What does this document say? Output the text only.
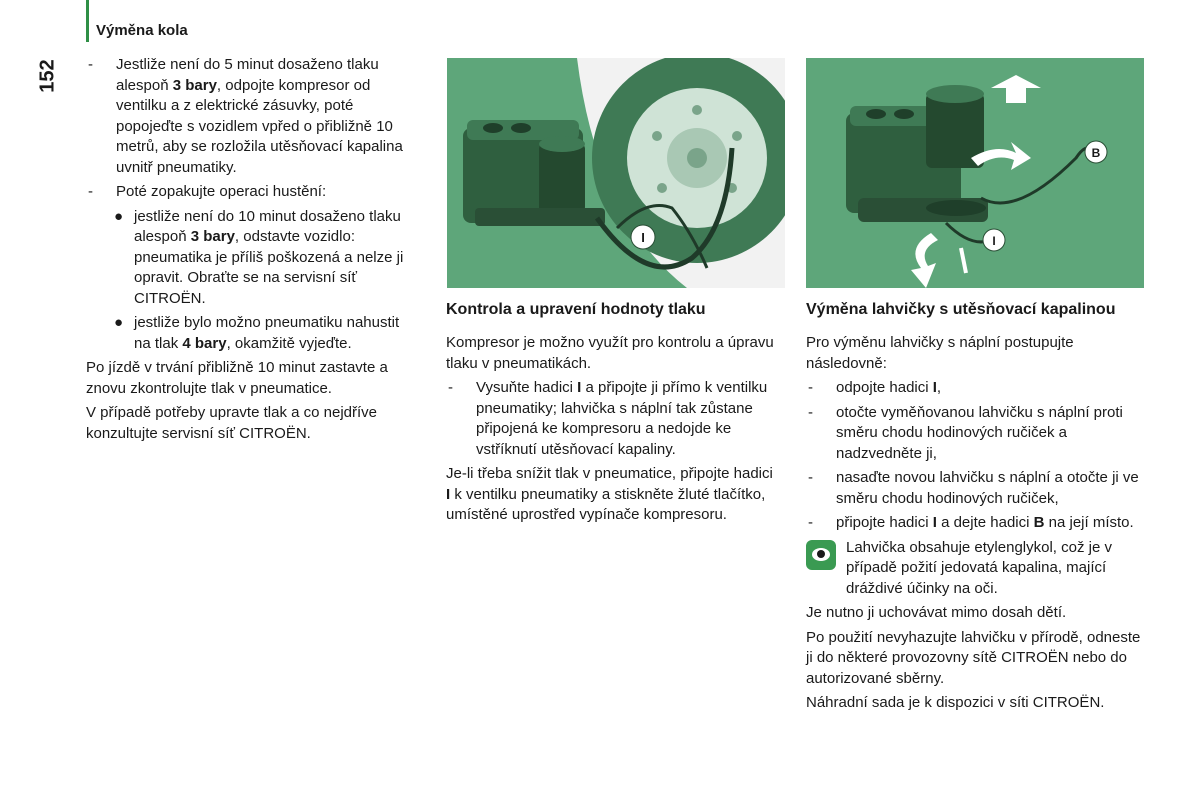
Výměna kola
152 - Jestliže není do 5 minut dosaženo tlaku alespoň 3 bary, odpojte kompresor od ventilku a z elektrické zásuvky, poté popojeďte s vozidlem vpřed o přibližně 10 metrů, aby se rozložila utěsňovací kapalina uvnitř pneumatiky.
- Poté zopakujte operaci hustění:
● jestliže není do 10 minut dosaženo tlaku alespoň 3 bary, odstavte vozidlo: pneumatika je příliš poškozená a nelze ji opravit. Obraťte se na servisní síť CITROËN.
● jestliže bylo možno pneumatiku nahustit na tlak 4 bary, okamžitě vyjeďte.

Po jízdě v trvání přibližně 10 minut zastavte a znovu zkontrolujte tlak v pneumatice.

V případě potřeby upravte tlak a co nejdříve konzultujte servisní síť CITROËN.

I
Kontrola a upravení hodnoty tlaku

Kompresor je možno využít pro kontrolu a úpravu tlaku v pneumatikách.

- Vysuňte hadici I a připojte ji přímo k ventilku pneumatiky; lahvička s náplní tak zůstane připojená ke kompresoru a nedojde ke vstříknutí utěsňovací kapaliny.

Je-li třeba snížit tlak v pneumatice, připojte hadici I k ventilku pneumatiky a stiskněte žluté tlačítko, umístěné uprostřed vypínače kompresoru.

B
I
Výměna lahvičky s utěsňovací kapalinou

Pro výměnu lahvičky s náplní postupujte následovně:

- odpojte hadici I,
- otočte vyměňovanou lahvičku s náplní proti směru chodu hodinových ručiček a nadzvedněte ji,
- nasaďte novou lahvičku s náplní a otočte ji ve směru chodu hodinových ručiček,
- připojte hadici I a dejte hadici B na její místo.
Lahvička obsahuje etylenglykol, což je v případě požití jedovatá kapalina, mající dráždivé účinky na oči.

Je nutno ji uchovávat mimo dosah dětí.

Po použití nevyhazujte lahvičku v přírodě, odneste ji do některé provozovny sítě CITROËN nebo do autorizované sběrny.

Náhradní sada je k dispozici v síti CITROËN.
